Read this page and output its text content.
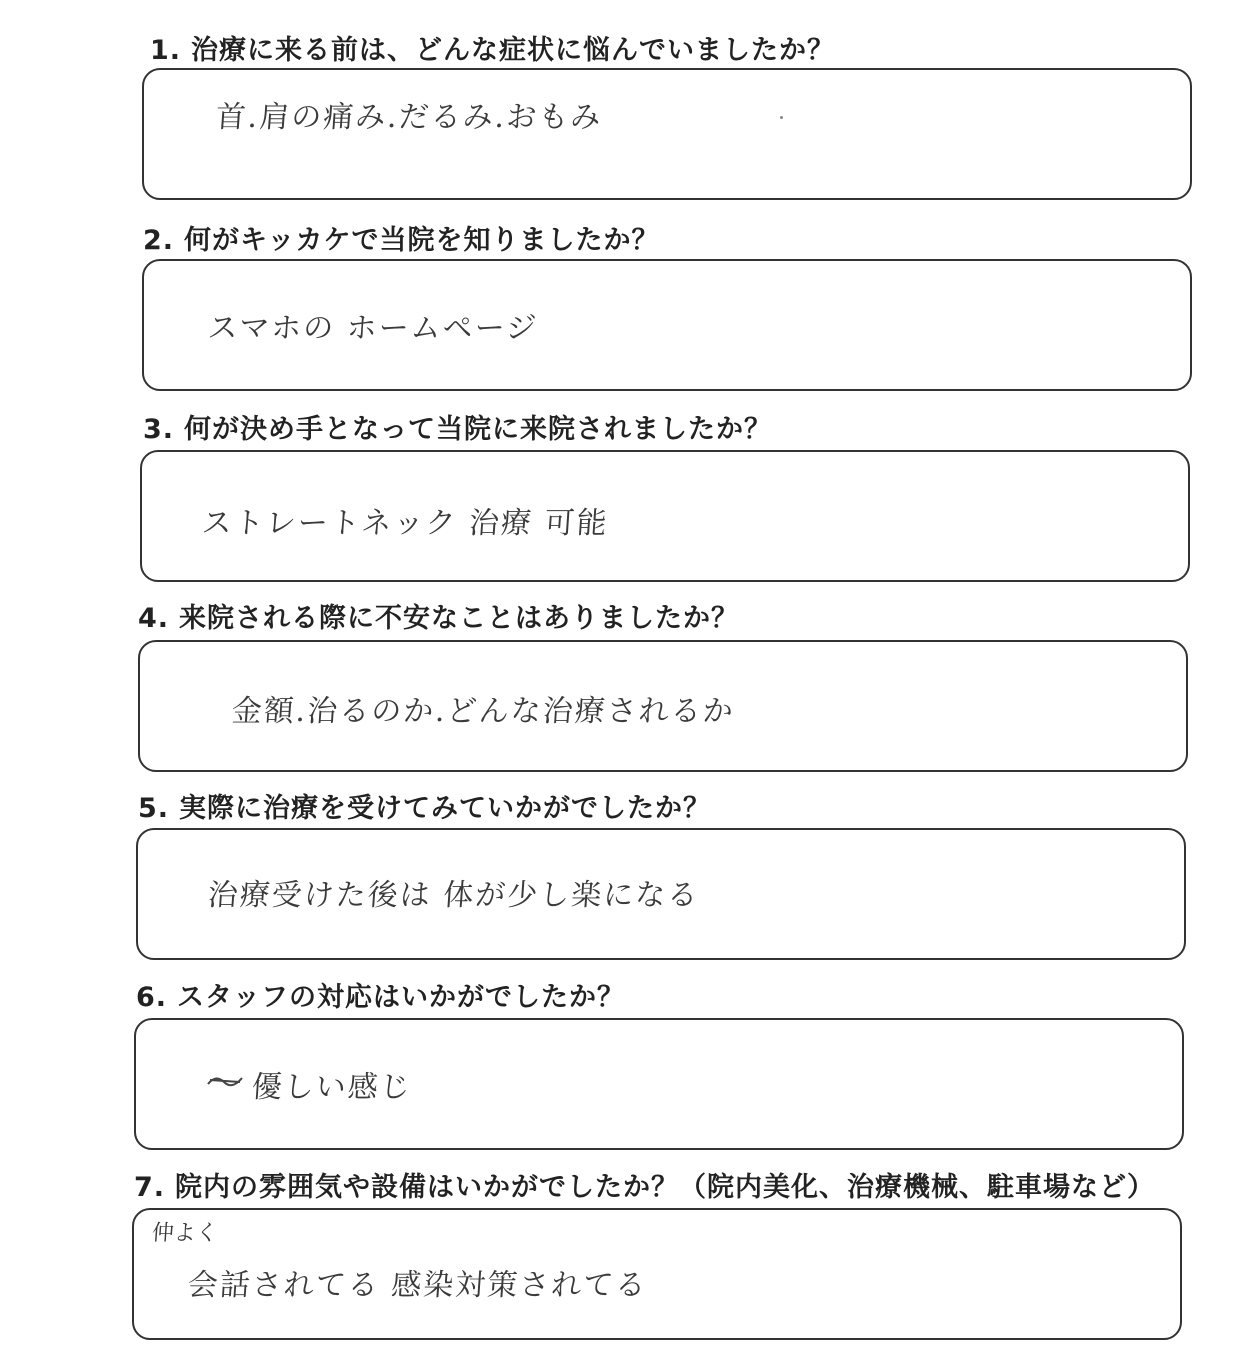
1. 治療に来る前は、どんな症状に悩んでいましたか？
首.肩の痛み.だるみ.おもみ
2. 何がキッカケで当院を知りましたか？
スマホの ホームページ
3. 何が決め手となって当院に来院されましたか？
ストレートネック 治療 可能
4. 来院される際に不安なことはありましたか？
金額.治るのか.どんな治療されるか
5. 実際に治療を受けてみていかがでしたか？
治療受けた後は 体が少し楽になる
6. スタッフの対応はいかがでしたか？
優しい感じ
7. 院内の雰囲気や設備はいかがでしたか？（院内美化、治療機械、駐車場など）
仲よく
会話されてる 感染対策されてる
